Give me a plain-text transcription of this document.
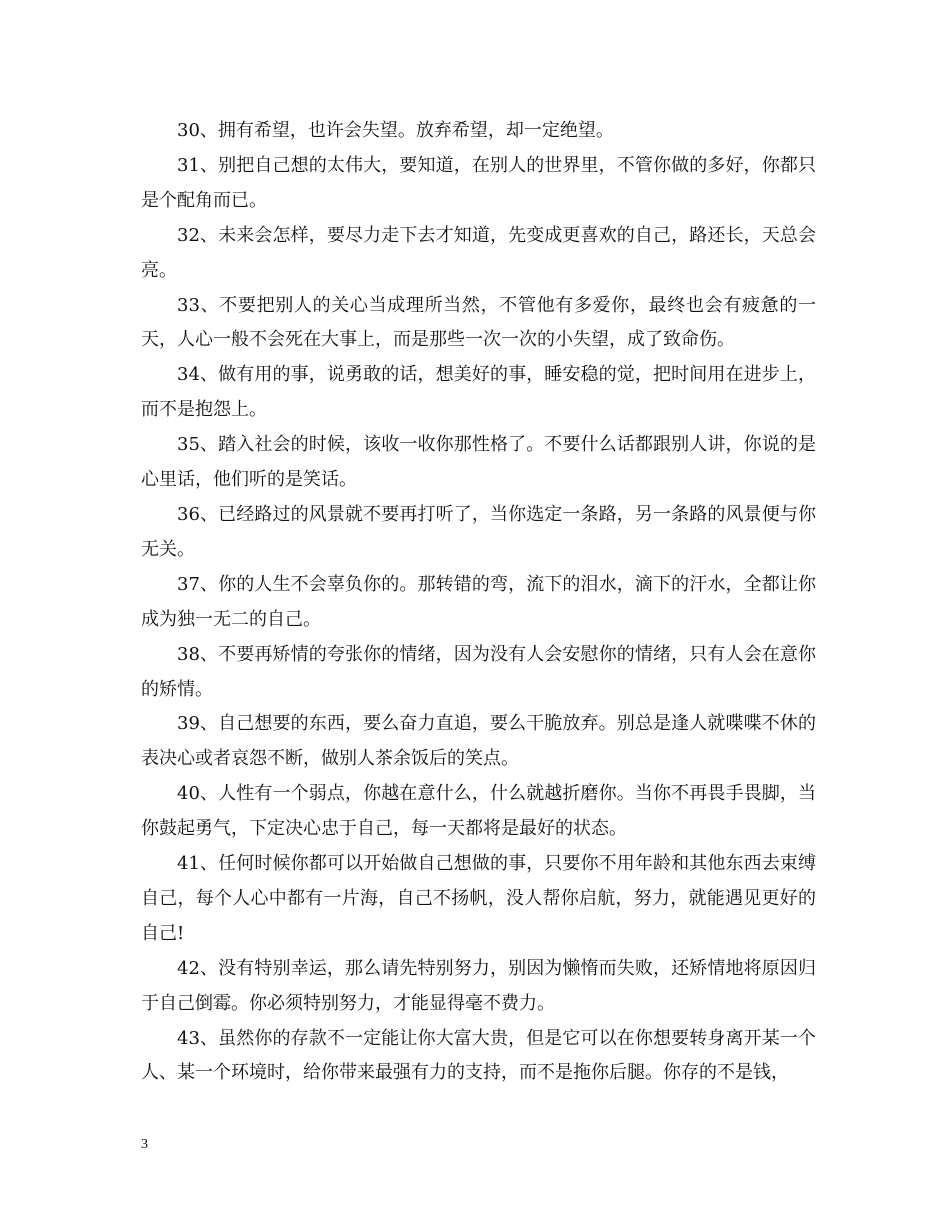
30、拥有希望，也许会失望。放弃希望，却一定绝望。

31、别把自己想的太伟大，要知道，在别人的世界里，不管你做的多好，你都只是个配角而已。

32、未来会怎样，要尽力走下去才知道，先变成更喜欢的自己，路还长，天总会亮。

33、不要把别人的关心当成理所当然，不管他有多爱你，最终也会有疲惫的一天，人心一般不会死在大事上，而是那些一次一次的小失望，成了致命伤。

34、做有用的事，说勇敢的话，想美好的事，睡安稳的觉，把时间用在进步上，而不是抱怨上。

35、踏入社会的时候，该收一收你那性格了。不要什么话都跟别人讲，你说的是心里话，他们听的是笑话。

36、已经路过的风景就不要再打听了，当你选定一条路，另一条路的风景便与你无关。

37、你的人生不会辜负你的。那转错的弯，流下的泪水，滴下的汗水，全都让你成为独一无二的自己。

38、不要再矫情的夸张你的情绪，因为没有人会安慰你的情绪，只有人会在意你的矫情。

39、自己想要的东西，要么奋力直追，要么干脆放弃。别总是逢人就喋喋不休的表决心或者哀怨不断，做别人茶余饭后的笑点。

40、人性有一个弱点，你越在意什么，什么就越折磨你。当你不再畏手畏脚，当你鼓起勇气，下定决心忠于自己，每一天都将是最好的状态。

41、任何时候你都可以开始做自己想做的事，只要你不用年龄和其他东西去束缚自己，每个人心中都有一片海，自己不扬帆，没人帮你启航，努力，就能遇见更好的自己!

42、没有特别幸运，那么请先特别努力，别因为懒惰而失败，还矫情地将原因归于自己倒霉。你必须特别努力，才能显得毫不费力。

43、虽然你的存款不一定能让你大富大贵，但是它可以在你想要转身离开某一个人、某一个环境时，给你带来最强有力的支持，而不是拖你后腿。你存的不是钱，

3
